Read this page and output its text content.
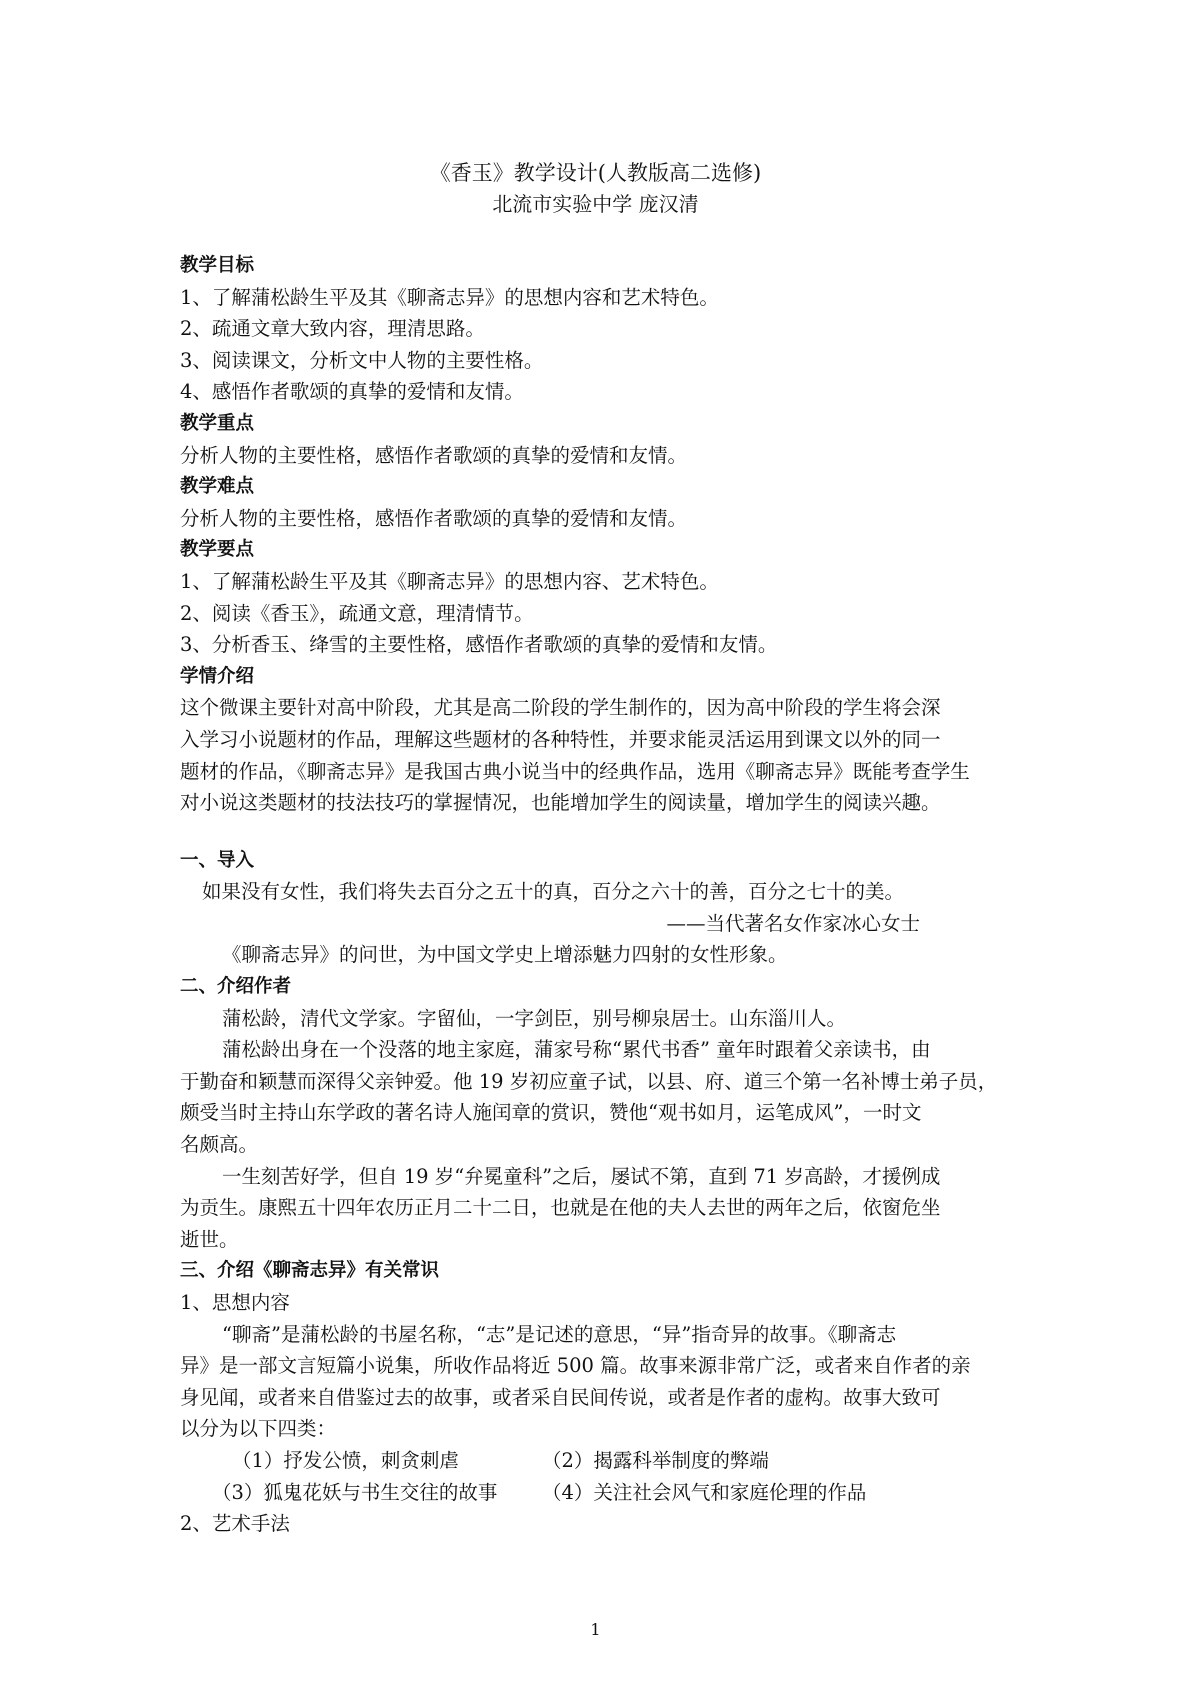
《香玉》教学设计(人教版高二选修)
北流市实验中学 庞汉清
教学目标
1、了解蒲松龄生平及其《聊斋志异》的思想内容和艺术特色。
2、疏通文章大致内容，理清思路。
3、阅读课文，分析文中人物的主要性格。
4、感悟作者歌颂的真挚的爱情和友情。
教学重点
分析人物的主要性格，感悟作者歌颂的真挚的爱情和友情。
教学难点
分析人物的主要性格，感悟作者歌颂的真挚的爱情和友情。
教学要点
1、了解蒲松龄生平及其《聊斋志异》的思想内容、艺术特色。
2、阅读《香玉》，疏通文意，理清情节。
3、分析香玉、绛雪的主要性格，感悟作者歌颂的真挚的爱情和友情。
学情介绍
这个微课主要针对高中阶段，尤其是高二阶段的学生制作的，因为高中阶段的学生将会深
入学习小说题材的作品，理解这些题材的各种特性，并要求能灵活运用到课文以外的同一
题材的作品，《聊斋志异》是我国古典小说当中的经典作品，选用《聊斋志异》既能考查学生
对小说这类题材的技法技巧的掌握情况，也能增加学生的阅读量，增加学生的阅读兴趣。
一、导入
如果没有女性，我们将失去百分之五十的真，百分之六十的善，百分之七十的美。
——当代著名女作家冰心女士
《聊斋志异》的问世，为中国文学史上增添魅力四射的女性形象。
二、介绍作者
蒲松龄，清代文学家。字留仙，一字剑臣，别号柳泉居士。山东淄川人。
蒲松龄出身在一个没落的地主家庭，蒲家号称“累代书香” 童年时跟着父亲读书，由
于勤奋和颖慧而深得父亲钟爱。他 19 岁初应童子试，以县、府、道三个第一名补博士弟子员，
颇受当时主持山东学政的著名诗人施闰章的赏识，赞他“观书如月，运笔成风”，一时文
名颇高。
一生刻苦好学，但自 19 岁“弁冕童科”之后，屡试不第，直到 71 岁高龄，才援例成
为贡生。康熙五十四年农历正月二十二日，也就是在他的夫人去世的两年之后，依窗危坐
逝世。
三、介绍《聊斋志异》有关常识
1、思想内容
“聊斋”是蒲松龄的书屋名称，“志”是记述的意思，“异”指奇异的故事。《聊斋志
异》是一部文言短篇小说集，所收作品将近 500 篇。故事来源非常广泛，或者来自作者的亲
身见闻，或者来自借鉴过去的故事，或者采自民间传说，或者是作者的虚构。故事大致可
以分为以下四类：
（1）抒发公愤，刺贪刺虐	（2）揭露科举制度的弊端
（3）狐鬼花妖与书生交往的故事 （4）关注社会风气和家庭伦理的作品
2、艺术手法
1
